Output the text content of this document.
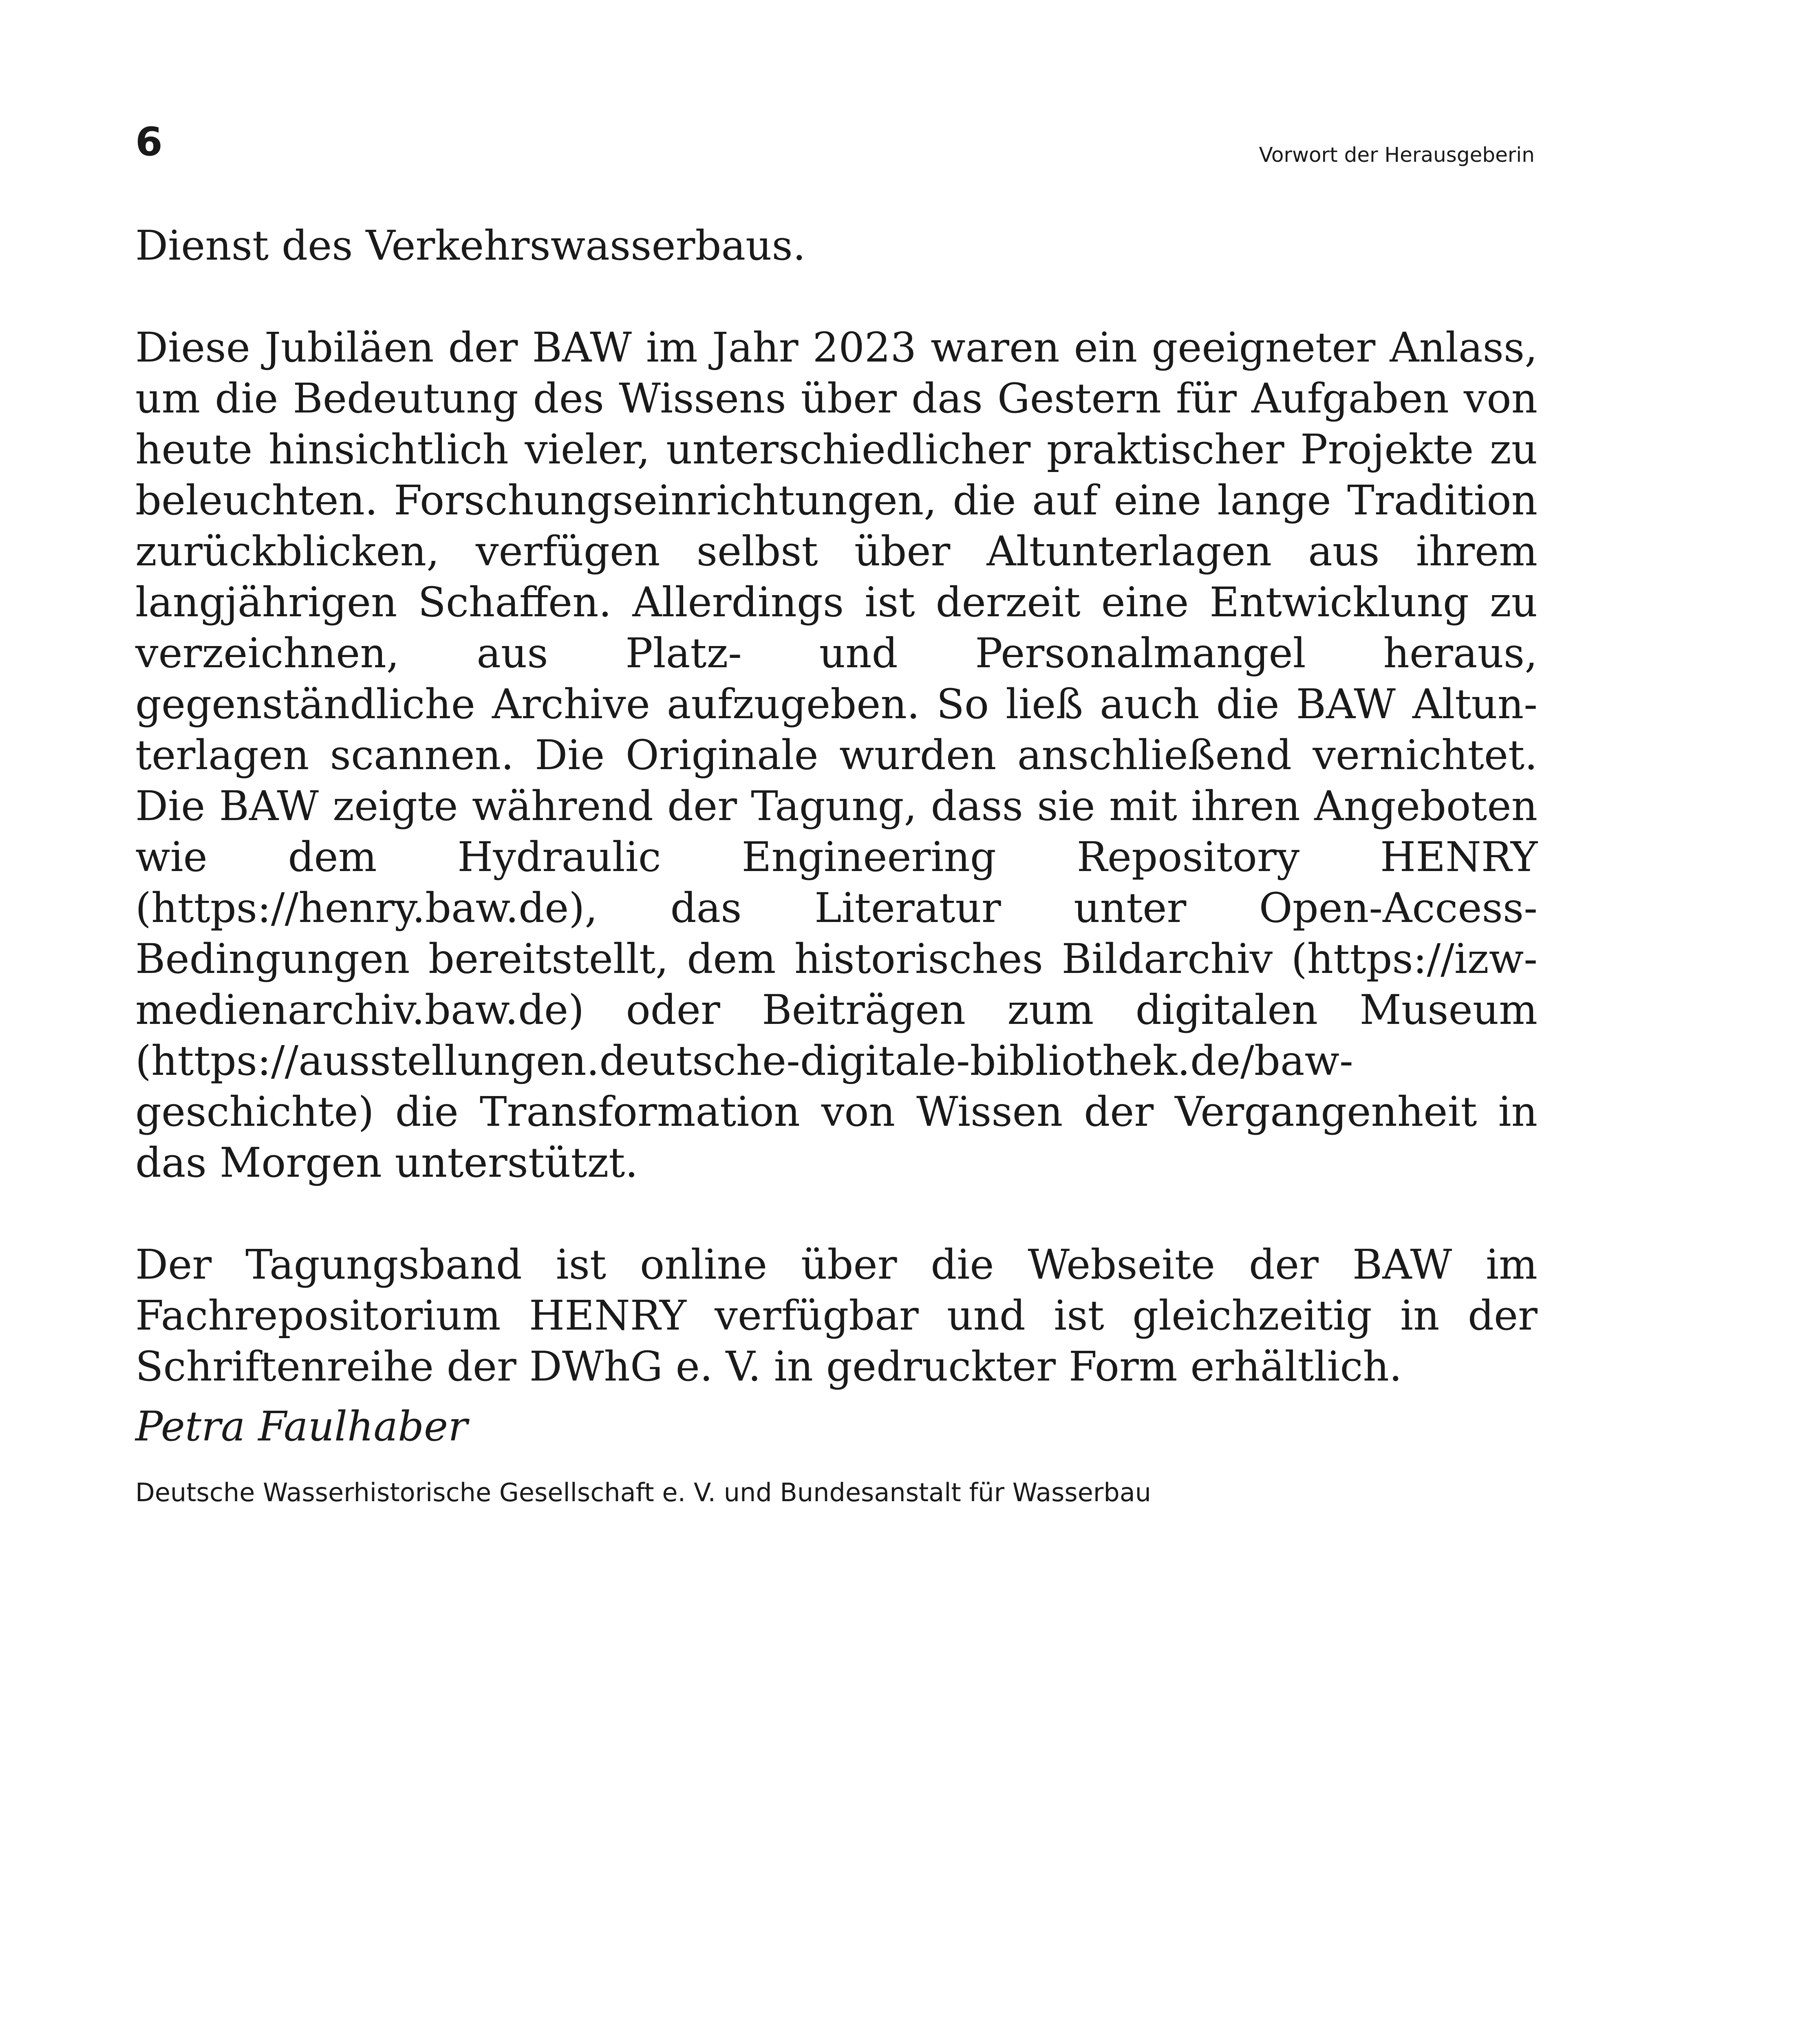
6	Vorwort der Herausgeberin

Dienst des Verkehrswasserbaus.

Diese Jubiläen der BAW im Jahr 2023 waren ein geeigneter Anlass, um die Bedeutung des Wissens über das Gestern für Aufgaben von heute hinsichtlich vieler, unterschiedlicher praktischer Projekte zu beleuchten. Forschungseinrichtungen, die auf eine lange Tradition zurückblicken, verfügen selbst über Altunterlagen aus ihrem langjährigen Schaffen. Allerdings ist derzeit eine Entwicklung zu verzeichnen, aus Platz- und Personalmangel heraus, gegenständliche Archive aufzugeben. So ließ auch die BAW Altunterlagen scannen. Die Originale wurden anschließend vernichtet. Die BAW zeigte während der Tagung, dass sie mit ihren Angeboten wie dem Hydraulic Engineering Repository HENRY (https://henry.baw.de), das Literatur unter Open-Access-Bedingungen bereitstellt, dem historisches Bildarchiv (https://izw-medienarchiv.baw.de) oder Beiträgen zum digitalen Museum (https://ausstellungen.deutsche-digitale-bibliothek.de/baw-geschichte) die Transformation von Wissen der Vergangenheit in das Morgen unterstützt.

Der Tagungsband ist online über die Webseite der BAW im Fachrepositorium HENRY verfügbar und ist gleichzeitig in der Schriftenreihe der DWhG e. V. in gedruckter Form erhältlich.

Petra Faulhaber
Deutsche Wasserhistorische Gesellschaft e. V. und Bundesanstalt für Wasserbau
